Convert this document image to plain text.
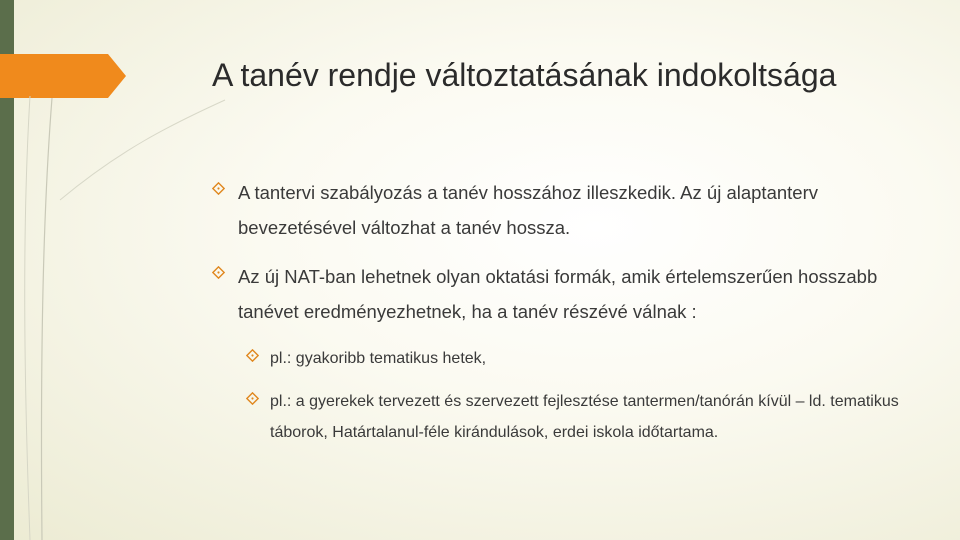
A tanév rendje változtatásának indokoltsága
A tantervi szabályozás a tanév hosszához illeszkedik. Az új alaptanterv bevezetésével változhat a tanév hossza.
Az új NAT-ban lehetnek olyan oktatási formák, amik értelemszerűen hosszabb tanévet eredményezhetnek, ha a tanév részévé válnak :
pl.: gyakoribb tematikus hetek,
pl.: a gyerekek tervezett és szervezett fejlesztése tantermen/tanórán kívül – ld. tematikus táborok, Határtalanul-féle kirándulások, erdei iskola időtartama.
